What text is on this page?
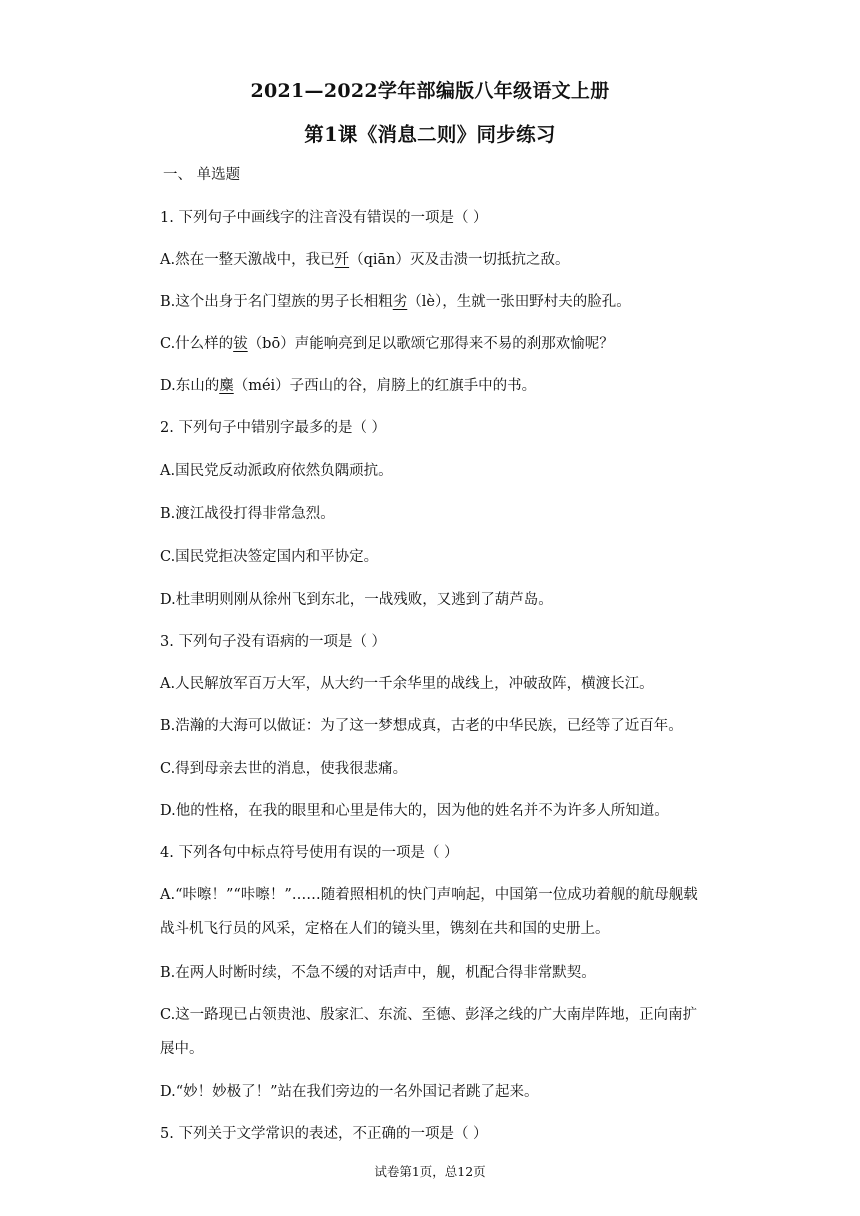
2021—2022学年部编版八年级语文上册
第1课《消息二则》同步练习
一、 单选题
1. 下列句子中画线字的注音没有错误的一项是（ ）
A.然在一整天激战中，我已歼（qiān）灭及击溃一切抵抗之敌。
B.这个出身于名门望族的男子长相粗劣（lè），生就一张田野村夫的脸孔。
C.什么样的钹（bō）声能响亮到足以歌颂它那得来不易的刹那欢愉呢？
D.东山的麋（méi）子西山的谷，肩膀上的红旗手中的书。
2. 下列句子中错别字最多的是（ ）
A.国民党反动派政府依然负隅顽抗。
B.渡江战役打得非常急烈。
C.国民党拒决签定国内和平协定。
D.杜聿明则刚从徐州飞到东北，一战残败，又逃到了葫芦岛。
3. 下列句子没有语病的一项是（ ）
A.人民解放军百万大军，从大约一千余华里的战线上，冲破敌阵，横渡长江。
B.浩瀚的大海可以做证：为了这一梦想成真，古老的中华民族，已经等了近百年。
C.得到母亲去世的消息，使我很悲痛。
D.他的性格，在我的眼里和心里是伟大的，因为他的姓名并不为许多人所知道。
4. 下列各句中标点符号使用有误的一项是（ ）
A.“咔嚓！”“咔嚓！”……随着照相机的快门声响起，中国第一位成功着舰的航母舰载
战斗机飞行员的风采，定格在人们的镜头里，镌刻在共和国的史册上。
B.在两人时断时续，不急不缓的对话声中，舰，机配合得非常默契。
C.这一路现已占领贵池、殷家汇、东流、至德、彭泽之线的广大南岸阵地，正向南扩
展中。
D.“妙！妙极了！”站在我们旁边的一名外国记者跳了起来。
5. 下列关于文学常识的表述，不正确的一项是（ ）
试卷第1页，总12页
